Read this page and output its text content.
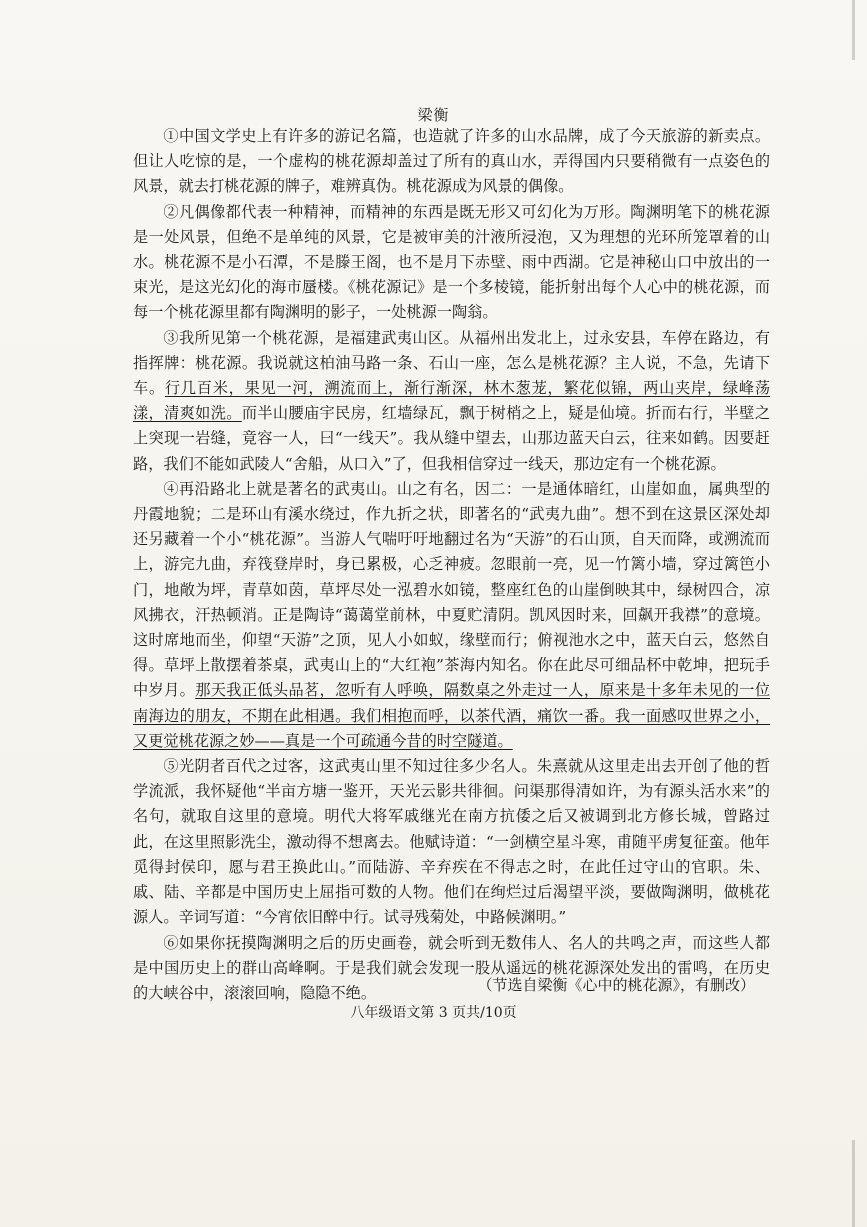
梁衡

①中国文学史上有许多的游记名篇，也造就了许多的山水品牌，成了今天旅游的新卖点。但让人吃惊的是，一个虚构的桃花源却盖过了所有的真山水，弄得国内只要稍微有一点姿色的风景，就去打桃花源的牌子，难辨真伪。桃花源成为风景的偶像。

②凡偶像都代表一种精神，而精神的东西是既无形又可幻化为万形。陶渊明笔下的桃花源是一处风景，但绝不是单纯的风景，它是被审美的汁液所浸泡，又为理想的光环所笼罩着的山水。桃花源不是小石潭，不是滕王阁，也不是月下赤壁、雨中西湖。它是神秘山口中放出的一束光，是这光幻化的海市蜃楼。《桃花源记》是一个多棱镜，能折射出每个人心中的桃花源，而每一个桃花源里都有陶渊明的影子，一处桃源一陶翁。

③我所见第一个桃花源，是福建武夷山区。从福州出发北上，过永安县，车停在路边，有指挥牌：桃花源。我说就这柏油马路一条、石山一座，怎么是桃花源？主人说，不急，先请下车。行几百米，果见一河，溯流而上，渐行渐深，林木葱茏，繁花似锦，两山夹岸，绿峰荡漾，清爽如洗。而半山腰庙宇民房，红墙绿瓦，飘于树梢之上，疑是仙境。折而右行，半壁之上突现一岩缝，竟容一人，曰“一线天”。我从缝中望去，山那边蓝天白云，往来如鹤。因要赶路，我们不能如武陵人“舍船，从口入”了，但我相信穿过一线天，那边定有一个桃花源。

④再沿路北上就是著名的武夷山。山之有名，因二：一是通体暗红，山崖如血，属典型的丹霞地貌；二是环山有溪水绕过，作九折之状，即著名的“武夷九曲”。想不到在这景区深处却还另藏着一个小“桃花源”。当游人气喘吁吁地翻过名为“天游”的石山顶，自天而降，或溯流而上，游完九曲，弃筏登岸时，身已累极，心乏神疲。忽眼前一亮，见一竹篱小墙，穿过篱笆小门，地敞为坪，青草如茵，草坪尽处一泓碧水如镜，整座红色的山崖倒映其中，绿树四合，凉风拂衣，汗热顿消。正是陶诗“蔼蔼堂前林，中夏贮清阴。凯风因时来，回飙开我襟”的意境。这时席地而坐，仰望“天游”之顶，见人小如蚁，缘壁而行；俯视池水之中，蓝天白云，悠然自得。草坪上散摆着茶桌，武夷山上的“大红袍”茶海内知名。你在此尽可细品杯中乾坤，把玩手中岁月。那天我正低头品茗，忽听有人呼唤，隔数桌之外走过一人，原来是十多年未见的一位南海边的朋友，不期在此相遇。我们相抱而呼，以茶代酒，痛饮一番。我一面感叹世界之小，又更觉桃花源之妙——真是一个可疏通今昔的时空隧道。

⑤光阴者百代之过客，这武夷山里不知过往多少名人。朱熹就从这里走出去开创了他的哲学流派，我怀疑他“半亩方塘一鉴开，天光云影共徘徊。问渠那得清如许，为有源头活水来”的名句，就取自这里的意境。明代大将军戚继光在南方抗倭之后又被调到北方修长城，曾路过此，在这里照影洗尘，激动得不想离去。他赋诗道：“一剑横空星斗寒，甫随平虏复征蛮。他年觅得封侯印，愿与君王换此山。”而陆游、辛弃疾在不得志之时，在此任过守山的官职。朱、戚、陆、辛都是中国历史上屈指可数的人物。他们在绚烂过后渴望平淡，要做陶渊明，做桃花源人。辛词写道：“今宵依旧醉中行。试寻残菊处，中路候渊明。”

⑥如果你抚摸陶渊明之后的历史画卷，就会听到无数伟人、名人的共鸣之声，而这些人都是中国历史上的群山高峰啊。于是我们就会发现一股从遥远的桃花源深处发出的雷鸣，在历史的大峡谷中，滚滚回响，隐隐不绝。	（节选自梁衡《心中的桃花源》，有删改）
八年级语文第 3 页共/10页
